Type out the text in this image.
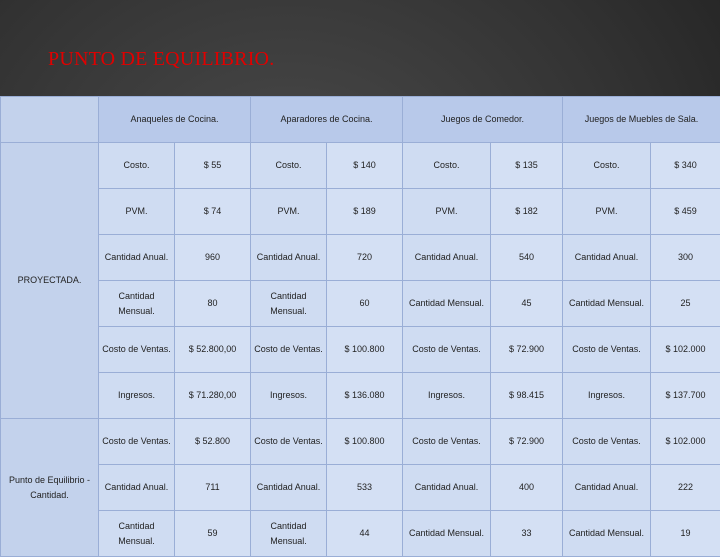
PUNTO DE EQUILIBRIO.
	Anaqueles de Cocina.		Aparadores de Cocina.		Juegos de Comedor.		Juegos de Muebles de Sala.	
PROYECTADA.	Costo.	$ 55	Costo.	$ 140	Costo.	$ 135	Costo.	$ 340
	PVM.	$ 74	PVM.	$ 189	PVM.	$ 182	PVM.	$ 459
	Cantidad Anual.	960	Cantidad Anual.	720	Cantidad Anual.	540	Cantidad Anual.	300
	Cantidad Mensual.	80	Cantidad Mensual.	60	Cantidad Mensual.	45	Cantidad Mensual.	25
	Costo de Ventas.	$ 52.800,00	Costo de Ventas.	$ 100.800	Costo de Ventas.	$ 72.900	Costo de Ventas.	$ 102.000
	Ingresos.	$ 71.280,00	Ingresos.	$ 136.080	Ingresos.	$ 98.415	Ingresos.	$ 137.700
Punto de Equilibrio - Cantidad.	Costo de Ventas.	$ 52.800	Costo de Ventas.	$ 100.800	Costo de Ventas.	$ 72.900	Costo de Ventas.	$ 102.000
	Cantidad Anual.	711	Cantidad Anual.	533	Cantidad Anual.	400	Cantidad Anual.	222
	Cantidad Mensual.	59	Cantidad Mensual.	44	Cantidad Mensual.	33	Cantidad Mensual.	19
